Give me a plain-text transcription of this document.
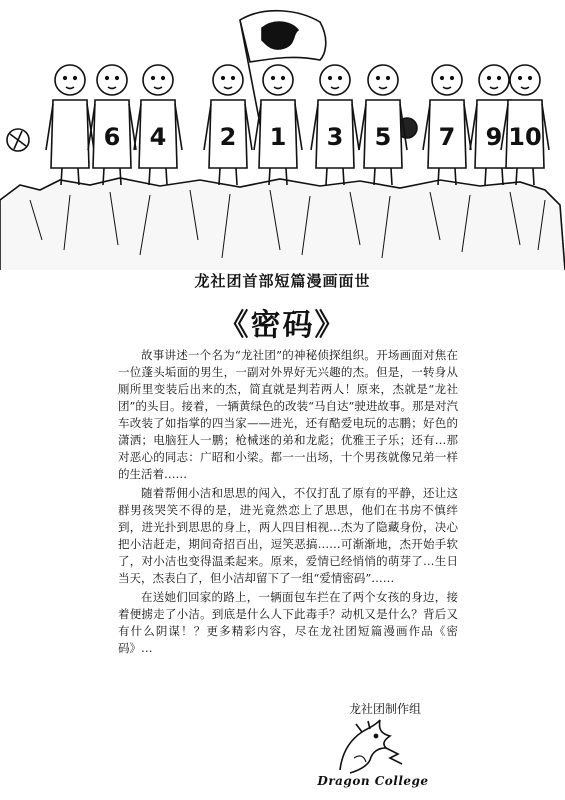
6 4 2 1 3 5 7 9 10
龙社团首部短篇漫画面世
《密码》

故事讲述一个名为“龙社团”的神秘侦探组织。开场画面对焦在一位蓬头垢面的男生，一副对外界好无兴趣的杰。但是，一转身从厕所里变装后出来的杰，简直就是判若两人！原来，杰就是“龙社团”的头目。接着，一辆黄绿色的改装“马自达”驶进故事。那是对汽车改装了如指掌的四当家——进光，还有酷爱电玩的志鹏；好色的潇洒；电脑狂人一鹏；枪械迷的弟和龙彪；优雅王子乐；还有…那对恶心的同志：广昭和小梁。都一一出场，十个男孩就像兄弟一样的生活着……

随着帮佣小洁和思思的闯入，不仅打乱了原有的平静，还让这群男孩哭笑不得的是，进光竟然恋上了思思，他们在书房不慎绊到，进光扑到思思的身上，两人四目相视…杰为了隐藏身份，决心把小洁赶走，期间奇招百出，逗笑恶搞……可渐渐地，杰开始手软了，对小洁也变得温柔起来。原来，爱情已经悄悄的萌芽了…生日当天，杰表白了，但小洁却留下了一组“爱情密码”……

在送她们回家的路上，一辆面包车拦在了两个女孩的身边，接着便掳走了小洁。到底是什么人下此毒手？动机又是什么？背后又有什么阴谋！？更多精彩内容，尽在龙社团短篇漫画作品《密码》…

龙社团制作组
Dragon College
